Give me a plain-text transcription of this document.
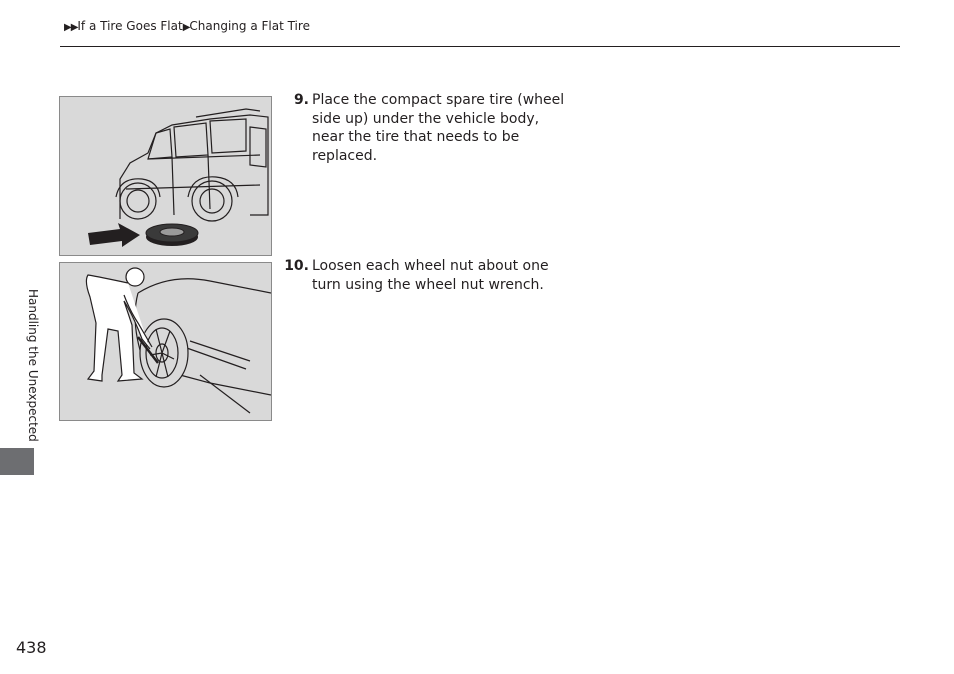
▶▶If a Tire Goes Flat▶Changing a Flat Tire
9. Place the compact spare tire (wheel side up) under the vehicle body, near the tire that needs to be replaced.
10. Loosen each wheel nut about one turn using the wheel nut wrench.
Handling the Unexpected
438
